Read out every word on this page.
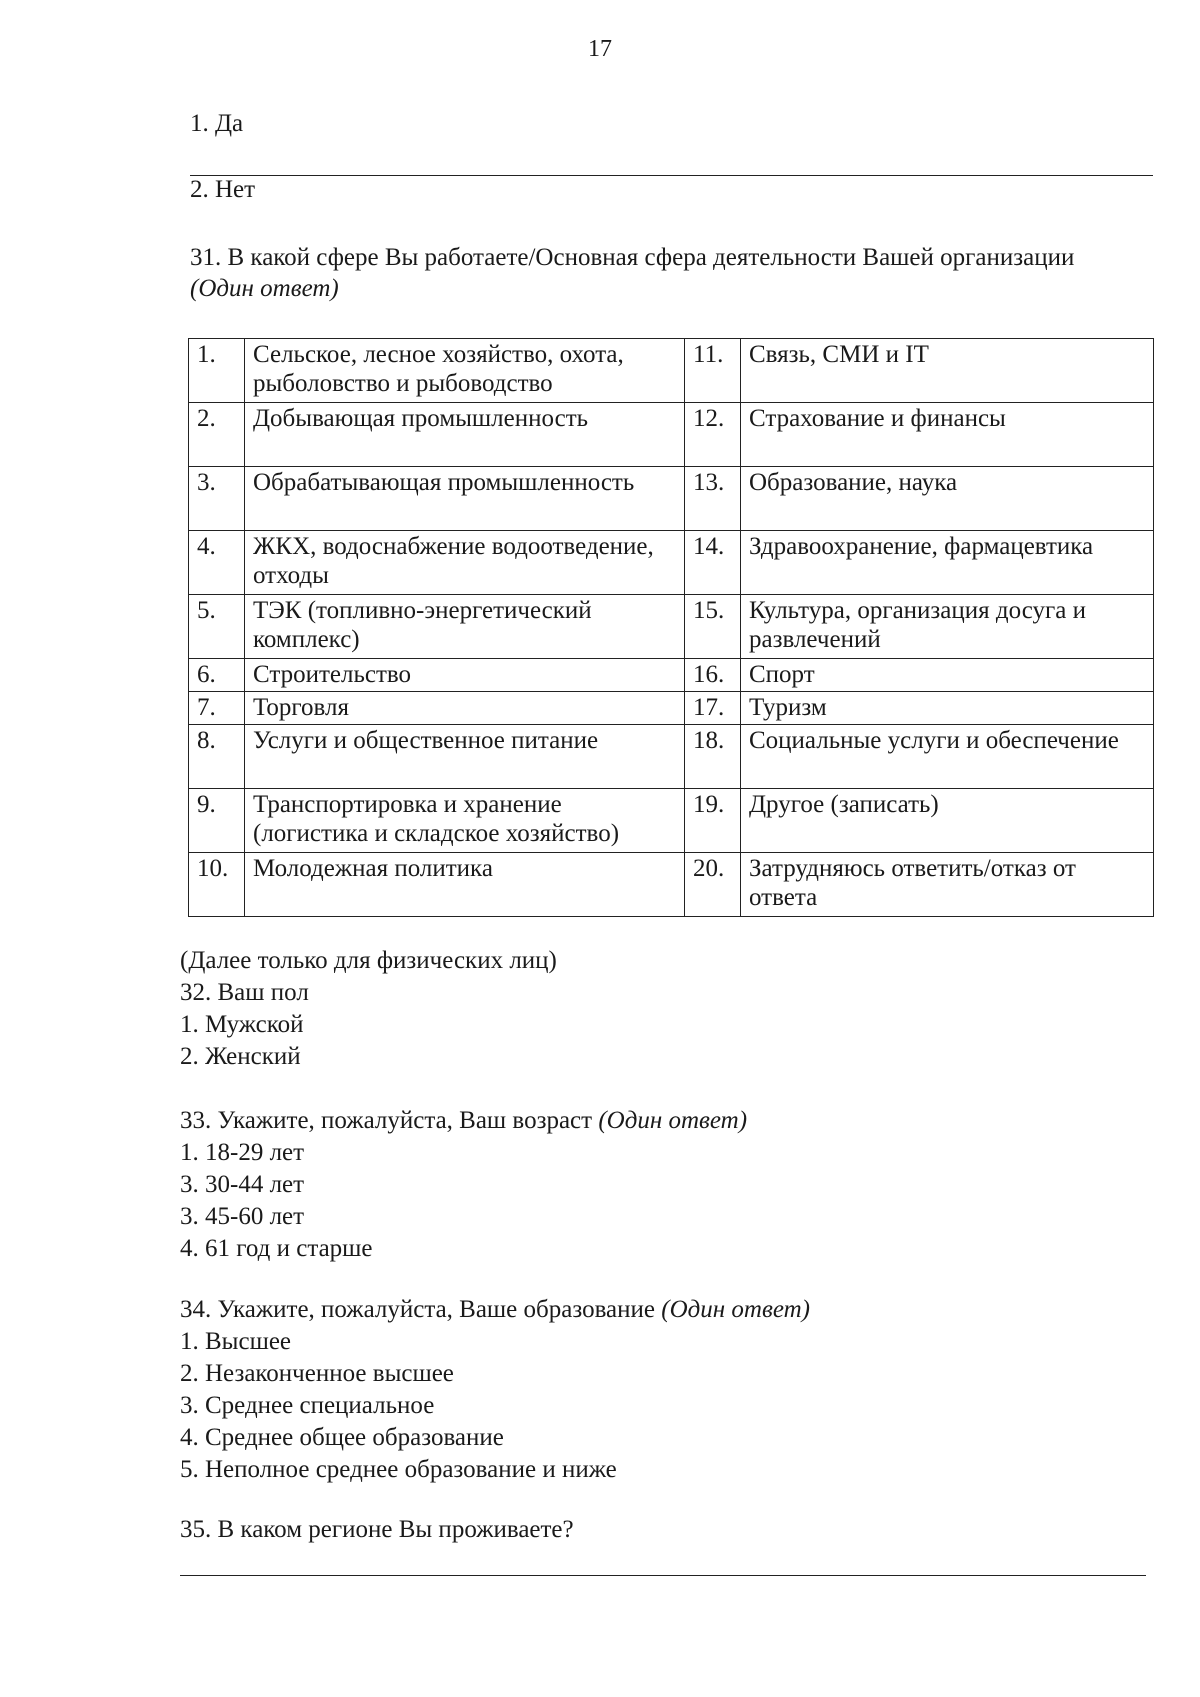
17
1. Да
2. Нет
31. В какой сфере Вы работаете/Основная сфера деятельности Вашей организации
(Один ответ)
1.	Сельское, лесное хозяйство, охота, рыболовство и рыбоводство	11.	Связь, СМИ и IT
2.	Добывающая промышленность	12.	Страхование и финансы
3.	Обрабатывающая промышленность	13.	Образование, наука
4.	ЖКХ, водоснабжение водоотведение, отходы	14.	Здравоохранение, фармацевтика
5.	ТЭК (топливно-энергетический комплекс)	15.	Культура, организация досуга и развлечений
6.	Строительство	16.	Спорт
7.	Торговля	17.	Туризм
8.	Услуги и общественное питание	18.	Социальные услуги и обеспечение
9.	Транспортировка и хранение (логистика и складское хозяйство)	19.	Другое (записать)
10.	Молодежная политика	20.	Затрудняюсь ответить/отказ от ответа
(Далее только для физических лиц)
32. Ваш пол
1. Мужской
2. Женский
33. Укажите, пожалуйста, Ваш возраст (Один ответ)
1. 18-29 лет
3. 30-44 лет
3. 45-60 лет
4. 61 год и старше
34. Укажите, пожалуйста, Ваше образование (Один ответ)
1. Высшее
2. Незаконченное высшее
3. Среднее специальное
4. Среднее общее образование
5. Неполное среднее образование и ниже
35. В каком регионе Вы проживаете?
